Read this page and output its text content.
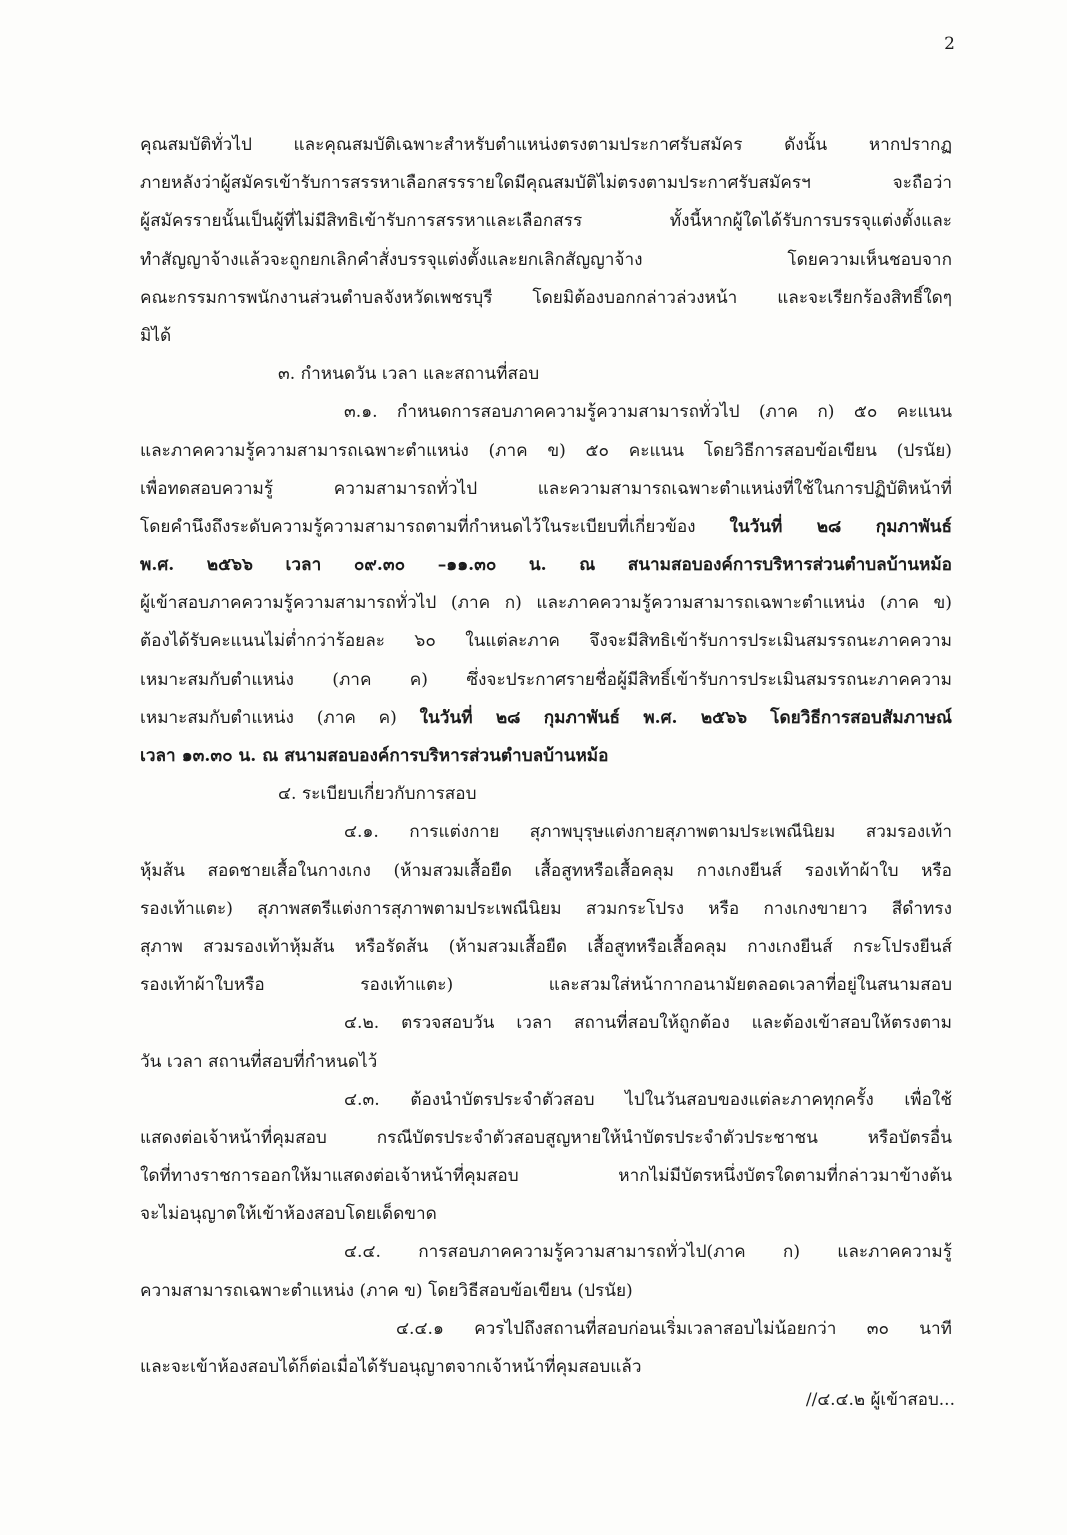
2
คุณสมบัติทั่วไป และคุณสมบัติเฉพาะสำหรับตำแหน่งตรงตามประกาศรับสมัคร ดังนั้น หากปรากฏ
ภายหลังว่าผู้สมัครเข้ารับการสรรหาเลือกสรรรายใดมีคุณสมบัติไม่ตรงตามประกาศรับสมัครฯ จะถือว่า
ผู้สมัครรายนั้นเป็นผู้ที่ไม่มีสิทธิเข้ารับการสรรหาและเลือกสรร ทั้งนี้หากผู้ใดได้รับการบรรจุแต่งตั้งและ
ทำสัญญาจ้างแล้วจะถูกยกเลิกคำสั่งบรรจุแต่งตั้งและยกเลิกสัญญาจ้าง โดยความเห็นชอบจาก
คณะกรรมการพนักงานส่วนตำบลจังหวัดเพชรบุรี โดยมิต้องบอกกล่าวล่วงหน้า และจะเรียกร้องสิทธิ์ใดๆ
มิได้
๓. กำหนดวัน เวลา และสถานที่สอบ
๓.๑. กำหนดการสอบภาคความรู้ความสามารถทั่วไป (ภาค ก) ๕๐ คะแนน
และภาคความรู้ความสามารถเฉพาะตำแหน่ง (ภาค ข) ๕๐ คะแนน โดยวิธีการสอบข้อเขียน (ปรนัย)
เพื่อทดสอบความรู้ ความสามารถทั่วไป และความสามารถเฉพาะตำแหน่งที่ใช้ในการปฏิบัติหน้าที่
โดยคำนึงถึงระดับความรู้ความสามารถตามที่กำหนดไว้ในระเบียบที่เกี่ยวข้อง ในวันที่ ๒๘ กุมภาพันธ์
พ.ศ. ๒๕๖๖ เวลา ๐๙.๓๐ –๑๑.๓๐ น. ณ สนามสอบองค์การบริหารส่วนตำบลบ้านหม้อ
ผู้เข้าสอบภาคความรู้ความสามารถทั่วไป (ภาค ก) และภาคความรู้ความสามารถเฉพาะตำแหน่ง (ภาค ข)
ต้องได้รับคะแนนไม่ต่ำกว่าร้อยละ ๖๐ ในแต่ละภาค จึงจะมีสิทธิเข้ารับการประเมินสมรรถนะภาคความ
เหมาะสมกับตำแหน่ง (ภาค ค) ซึ่งจะประกาศรายชื่อผู้มีสิทธิ์เข้ารับการประเมินสมรรถนะภาคความ
เหมาะสมกับตำแหน่ง (ภาค ค) ในวันที่ ๒๘ กุมภาพันธ์ พ.ศ. ๒๕๖๖ โดยวิธีการสอบสัมภาษณ์
เวลา ๑๓.๓๐ น. ณ สนามสอบองค์การบริหารส่วนตำบลบ้านหม้อ
๔. ระเบียบเกี่ยวกับการสอบ
๔.๑. การแต่งกาย สุภาพบุรุษแต่งกายสุภาพตามประเพณีนิยม สวมรองเท้า
หุ้มส้น สอดชายเสื้อในกางเกง (ห้ามสวมเสื้อยืด เสื้อสูทหรือเสื้อคลุม กางเกงยีนส์ รองเท้าผ้าใบ หรือ
รองเท้าแตะ) สุภาพสตรีแต่งการสุภาพตามประเพณีนิยม สวมกระโปรง หรือ กางเกงขายาว สีดำทรง
สุภาพ สวมรองเท้าหุ้มส้น หรือรัดส้น (ห้ามสวมเสื้อยืด เสื้อสูทหรือเสื้อคลุม กางเกงยีนส์ กระโปรงยีนส์
รองเท้าผ้าใบหรือ รองเท้าแตะ) และสวมใส่หน้ากากอนามัยตลอดเวลาที่อยู่ในสนามสอบ
๔.๒. ตรวจสอบวัน เวลา สถานที่สอบให้ถูกต้อง และต้องเข้าสอบให้ตรงตาม
วัน เวลา สถานที่สอบที่กำหนดไว้
๔.๓. ต้องนำบัตรประจำตัวสอบ ไปในวันสอบของแต่ละภาคทุกครั้ง เพื่อใช้
แสดงต่อเจ้าหน้าที่คุมสอบ กรณีบัตรประจำตัวสอบสูญหายให้นำบัตรประจำตัวประชาชน หรือบัตรอื่น
ใดที่ทางราชการออกให้มาแสดงต่อเจ้าหน้าที่คุมสอบ หากไม่มีบัตรหนึ่งบัตรใดตามที่กล่าวมาข้างต้น
จะไม่อนุญาตให้เข้าห้องสอบโดยเด็ดขาด
๔.๔. การสอบภาคความรู้ความสามารถทั่วไป(ภาค ก) และภาคความรู้
ความสามารถเฉพาะตำแหน่ง (ภาค ข) โดยวิธีสอบข้อเขียน (ปรนัย)
๔.๔.๑ ควรไปถึงสถานที่สอบก่อนเริ่มเวลาสอบไม่น้อยกว่า ๓๐ นาที
และจะเข้าห้องสอบได้ก็ต่อเมื่อได้รับอนุญาตจากเจ้าหน้าที่คุมสอบแล้ว
//๔.๔.๒ ผู้เข้าสอบ...
